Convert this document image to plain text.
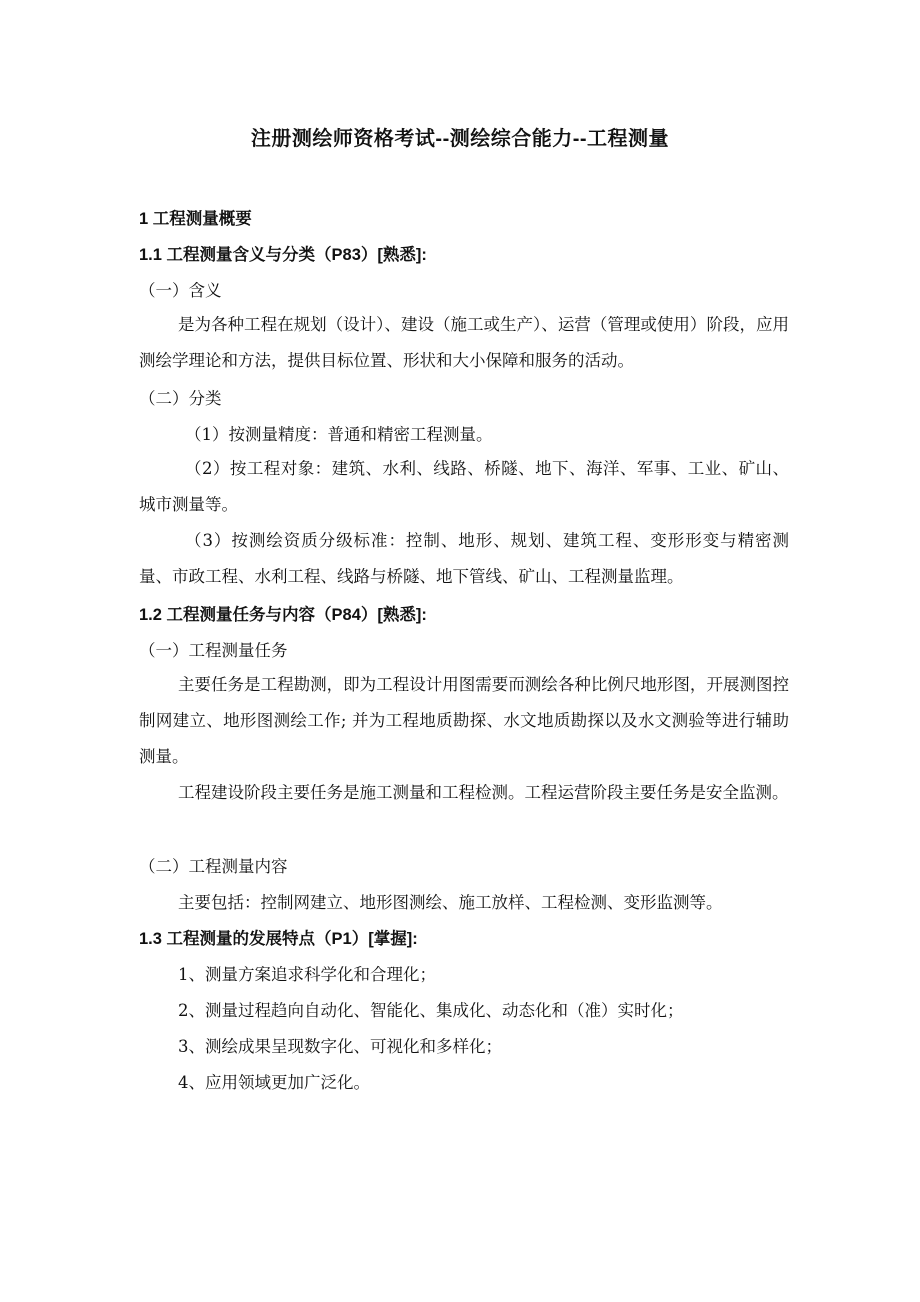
注册测绘师资格考试--测绘综合能力--工程测量
1 工程测量概要
1.1 工程测量含义与分类（P83）[熟悉]:
（一）含义
是为各种工程在规划（设计）、建设（施工或生产）、运营（管理或使用）阶段，应用测绘学理论和方法，提供目标位置、形状和大小保障和服务的活动。
（二）分类
（1）按测量精度：普通和精密工程测量。
（2）按工程对象：建筑、水利、线路、桥隧、地下、海洋、军事、工业、矿山、城市测量等。
（3）按测绘资质分级标准：控制、地形、规划、建筑工程、变形形变与精密测量、市政工程、水利工程、线路与桥隧、地下管线、矿山、工程测量监理。
1.2 工程测量任务与内容（P84）[熟悉]:
（一）工程测量任务
主要任务是工程勘测，即为工程设计用图需要而测绘各种比例尺地形图，开展测图控制网建立、地形图测绘工作; 并为工程地质勘探、水文地质勘探以及水文测验等进行辅助测量。
工程建设阶段主要任务是施工测量和工程检测。工程运营阶段主要任务是安全监测。
（二）工程测量内容
主要包括：控制网建立、地形图测绘、施工放样、工程检测、变形监测等。
1.3 工程测量的发展特点（P1）[掌握]:
1、测量方案追求科学化和合理化；
2、测量过程趋向自动化、智能化、集成化、动态化和（准）实时化；
3、测绘成果呈现数字化、可视化和多样化；
4、应用领域更加广泛化。
